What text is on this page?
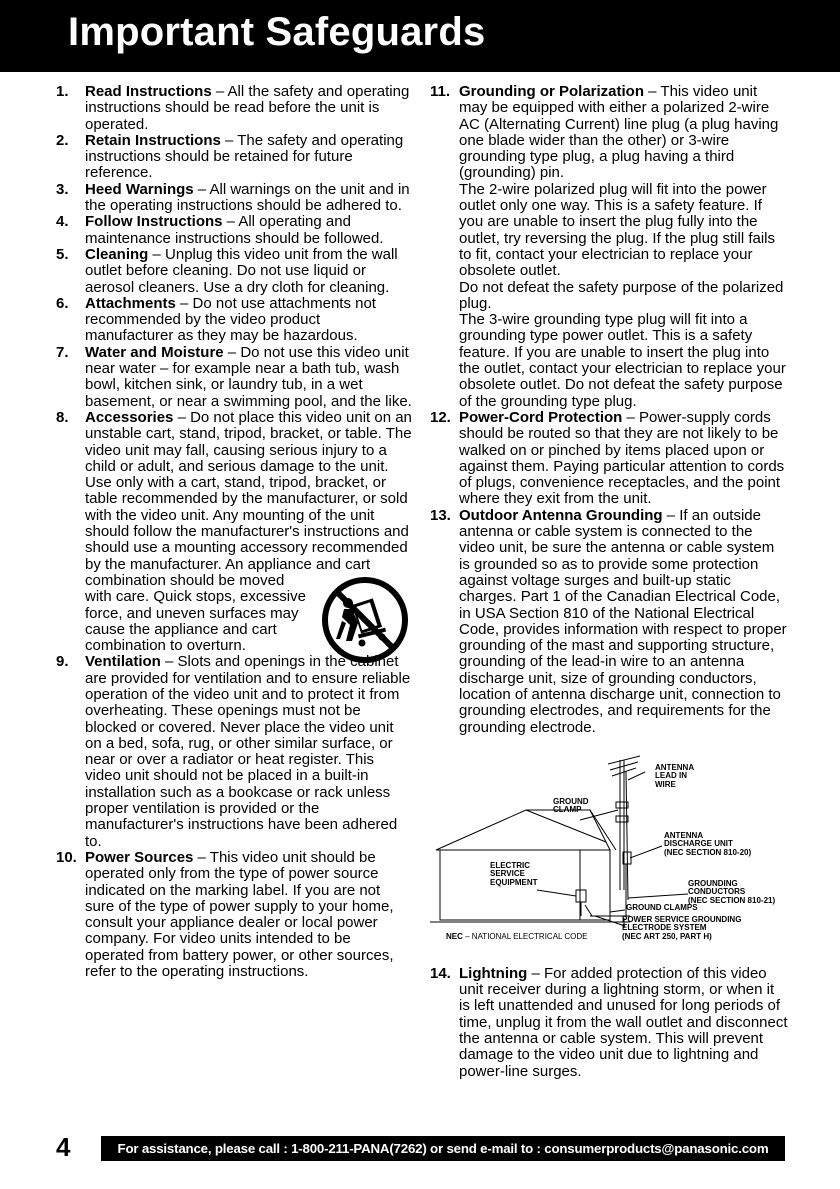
Important Safeguards
1. Read Instructions – All the safety and operating instructions should be read before the unit is operated.
2. Retain Instructions – The safety and operating instructions should be retained for future reference.
3. Heed Warnings – All warnings on the unit and in the operating instructions should be adhered to.
4. Follow Instructions – All operating and maintenance instructions should be followed.
5. Cleaning – Unplug this video unit from the wall outlet before cleaning. Do not use liquid or aerosol cleaners. Use a dry cloth for cleaning.
6. Attachments – Do not use attachments not recommended by the video product manufacturer as they may be hazardous.
7. Water and Moisture – Do not use this video unit near water – for example near a bath tub, wash bowl, kitchen sink, or laundry tub, in a wet basement, or near a swimming pool, and the like.
8. Accessories – Do not place this video unit on an unstable cart, stand, tripod, bracket, or table. The video unit may fall, causing serious injury to a child or adult, and serious damage to the unit. Use only with a cart, stand, tripod, bracket, or table recommended by the manufacturer, or sold with the video unit. Any mounting of the unit should follow the manufacturer's instructions and should use a mounting accessory recommended by the manufacturer. An appliance and cart
combination should be moved with care. Quick stops, excessive force, and uneven surfaces may cause the appliance and cart combination to overturn.
9. Ventilation – Slots and openings in the cabinet are provided for ventilation and to ensure reliable operation of the video unit and to protect it from overheating. These openings must not be blocked or covered. Never place the video unit on a bed, sofa, rug, or other similar surface, or near or over a radiator or heat register. This video unit should not be placed in a built-in installation such as a bookcase or rack unless proper ventilation is provided or the manufacturer's instructions have been adhered to.
10. Power Sources – This video unit should be operated only from the type of power source indicated on the marking label. If you are not sure of the type of power supply to your home, consult your appliance dealer or local power company. For video units intended to be operated from battery power, or other sources, refer to the operating instructions.
11. Grounding or Polarization – This video unit may be equipped with either a polarized 2-wire AC (Alternating Current) line plug (a plug having one blade wider than the other) or 3-wire grounding type plug, a plug having a third (grounding) pin.
The 2-wire polarized plug will fit into the power outlet only one way. This is a safety feature. If you are unable to insert the plug fully into the outlet, try reversing the plug. If the plug still fails to fit, contact your electrician to replace your obsolete outlet.
Do not defeat the safety purpose of the polarized plug.
The 3-wire grounding type plug will fit into a grounding type power outlet. This is a safety feature. If you are unable to insert the plug into the outlet, contact your electrician to replace your obsolete outlet. Do not defeat the safety purpose of the grounding type plug.
12. Power-Cord Protection – Power-supply cords should be routed so that they are not likely to be walked on or pinched by items placed upon or against them. Paying particular attention to cords of plugs, convenience receptacles, and the point where they exit from the unit.
13. Outdoor Antenna Grounding – If an outside antenna or cable system is connected to the video unit, be sure the antenna or cable system is grounded so as to provide some protection against voltage surges and built-up static charges. Part 1 of the Canadian Electrical Code, in USA Section 810 of the National Electrical Code, provides information with respect to proper grounding of the mast and supporting structure, grounding of the lead-in wire to an antenna discharge unit, size of grounding conductors, location of antenna discharge unit, connection to grounding electrodes, and requirements for the grounding electrode.
ANTENNA
LEAD IN
WIRE
GROUND
CLAMP
ANTENNA
DISCHARGE UNIT
(NEC SECTION 810-20)
ELECTRIC
SERVICE
EQUIPMENT	GROUNDING CONDUCTORS
(NEC SECTION 810-21)
GROUND CLAMPS
POWER SERVICE GROUNDING
ELECTRODE SYSTEM
(NEC ART 250, PART H)
NEC – NATIONAL ELECTRICAL CODE
14. Lightning – For added protection of this video unit receiver during a lightning storm, or when it is left unattended and unused for long periods of time, unplug it from the wall outlet and disconnect the antenna or cable system. This will prevent damage to the video unit due to lightning and power-line surges.
4	For assistance, please call : 1-800-211-PANA(7262) or send e-mail to : consumerproducts@panasonic.com
